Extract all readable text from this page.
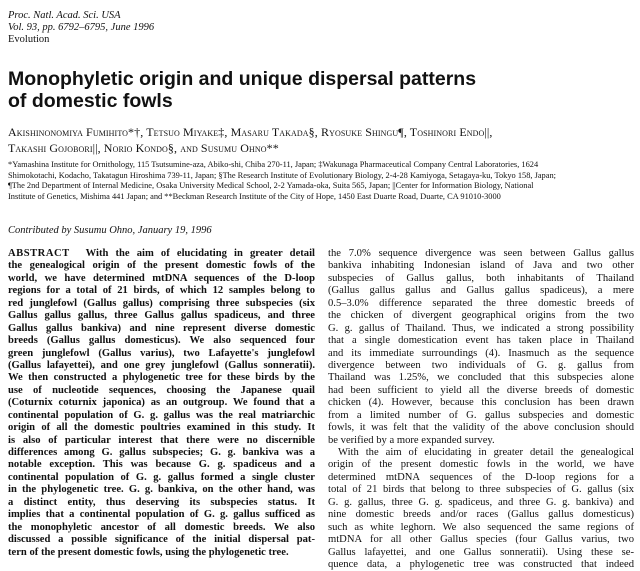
Proc. Natl. Acad. Sci. USA
Vol. 93, pp. 6792–6795, June 1996
Evolution
Monophyletic origin and unique dispersal patterns
of domestic fowls
Akishinonomiya Fumihito*†, Tetsuo Miyake‡, Masaru Takada§, Ryosuke Shingu¶, Toshinori Endo||,
Takashi Gojobori||, Norio Kondo§, and Susumu Ohno**
*Yamashina Institute for Ornithology, 115 Tsutsumine-aza, Abiko-shi, Chiba 270-11, Japan; ‡Wakunaga Pharmaceutical Company Central Laboratories, 1624
Shimokotachi, Kodacho, Takatagun Hiroshima 739-11, Japan; §The Research Institute of Evolutionary Biology, 2-4-28 Kamiyoga, Setagaya-ku, Tokyo 158, Japan;
¶The 2nd Department of Internal Medicine, Osaka University Medical School, 2-2 Yamada-oka, Suita 565, Japan; ||Center for Information Biology, National
Institute of Genetics, Mishima 441 Japan; and **Beckman Research Institute of the City of Hope, 1450 East Duarte Road, Duarte, CA 91010-3000
Contributed by Susumu Ohno, January 19, 1996
ABSTRACT  With the aim of elucidating in greater detail
the genealogical origin of the present domestic fowls of the
world, we have determined mtDNA sequences of the D-loop
regions for a total of 21 birds, of which 12 samples belong to
red junglefowl (Gallus gallus) comprising three subspecies (six
Gallus gallus gallus, three Gallus gallus spadiceus, and three
Gallus gallus bankiva) and nine represent diverse domestic
breeds (Gallus gallus domesticus). We also sequenced four
green junglefowl (Gallus varius), two Lafayette's junglefowl
(Gallus lafayettei), and one grey junglefowl (Gallus sonneratii).
We then constructed a phylogenetic tree for these birds by the
use of nucleotide sequences, choosing the Japanese quail
(Coturnix coturnix japonica) as an outgroup. We found that a
continental population of G. g. gallus was the real matriarchic
origin of all the domestic poultries examined in this study. It
is also of particular interest that there were no discernible
differences among G. gallus subspecies; G. g. bankiva was a
notable exception. This was because G. g. spadiceus and a
continental population of G. g. gallus formed a single cluster
in the phylogenetic tree. G. g. bankiva, on the other hand, was
a distinct entity, thus deserving its subspecies status. It
implies that a continental population of G. g. gallus sufficed as
the monophyletic ancestor of all domestic breeds. We also
discussed a possible significance of the initial dispersal pat-
tern of the present domestic fowls, using the phylogenetic tree.
the 7.0% sequence divergence was seen between Gallus gallus
bankiva inhabiting Indonesian island of Java and two other
subspecies of Gallus gallus, both inhabitants of Thailand
(Gallus gallus gallus and Gallus gallus spadiceus), a mere
0.5–3.0% difference separated the three domestic breeds of
the chicken of divergent geographical origins from the two
G. g. gallus of Thailand. Thus, we indicated a strong possibility
that a single domestication event has taken place in Thailand
and its immediate surroundings (4). Inasmuch as the sequence
divergence between two individuals of G. g. gallus from
Thailand was 1.25%, we concluded that this subspecies alone
had been sufficient to yield all the diverse breeds of domestic
chicken (4). However, because this conclusion has been drawn
from a limited number of G. gallus subspecies and domestic
fowls, it was felt that the validity of the above conclusion should
be verified by a more expanded survey.
With the aim of elucidating in greater detail the genealogical
origin of the present domestic fowls in the world, we have
determined mtDNA sequences of the D-loop regions for a
total of 21 birds that belong to three subspecies of G. gallus (six
G. g. gallus, three G. g. spadiceus, and three G. g. bankiva) and
nine domestic breeds and/or races (Gallus gallus domesticus)
such as white leghorn. We also sequenced the same regions of
mtDNA for all other Gallus species (four Gallus varius, two
Gallus lafayettei, and one Gallus sonneratii). Using these se-
quence data, a phylogenetic tree was constructed that indeed
